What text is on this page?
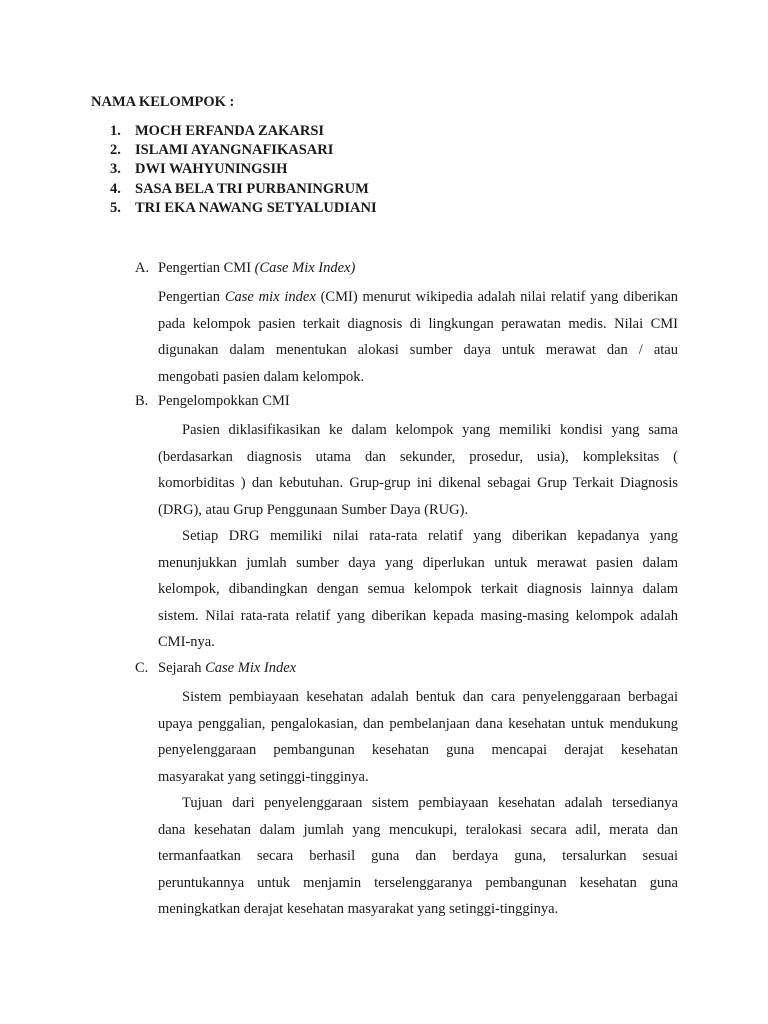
NAMA KELOMPOK :
1. MOCH ERFANDA ZAKARSI
2. ISLAMI AYANGNAFIKASARI
3. DWI WAHYUNINGSIH
4. SASA BELA TRI PURBANINGRUM
5. TRI EKA NAWANG SETYALUDIANI
A. Pengertian CMI (Case Mix Index)
Pengertian Case mix index (CMI) menurut wikipedia adalah nilai relatif yang diberikan
pada kelompok pasien terkait diagnosis di lingkungan perawatan medis. Nilai CMI
digunakan dalam menentukan alokasi sumber daya untuk merawat dan / atau
mengobati pasien dalam kelompok.
B. Pengelompokkan CMI
Pasien diklasifikasikan ke dalam kelompok yang memiliki kondisi yang sama
(berdasarkan diagnosis utama dan sekunder, prosedur, usia), kompleksitas (
komorbiditas ) dan kebutuhan. Grup-grup ini dikenal sebagai Grup Terkait Diagnosis
(DRG), atau Grup Penggunaan Sumber Daya (RUG).
Setiap DRG memiliki nilai rata-rata relatif yang diberikan kepadanya yang
menunjukkan jumlah sumber daya yang diperlukan untuk merawat pasien dalam
kelompok, dibandingkan dengan semua kelompok terkait diagnosis lainnya dalam
sistem. Nilai rata-rata relatif yang diberikan kepada masing-masing kelompok adalah
CMI-nya.
C. Sejarah Case Mix Index
Sistem pembiayaan kesehatan adalah bentuk dan cara penyelenggaraan berbagai
upaya penggalian, pengalokasian, dan pembelanjaan dana kesehatan untuk mendukung
penyelenggaraan pembangunan kesehatan guna mencapai derajat kesehatan
masyarakat yang setinggi-tingginya.
Tujuan dari penyelenggaraan sistem pembiayaan kesehatan adalah tersedianya
dana kesehatan dalam jumlah yang mencukupi, teralokasi secara adil, merata dan
termanfaatkan secara berhasil guna dan berdaya guna, tersalurkan sesuai
peruntukannya untuk menjamin terselenggaranya pembangunan kesehatan guna
meningkatkan derajat kesehatan masyarakat yang setinggi-tingginya.
